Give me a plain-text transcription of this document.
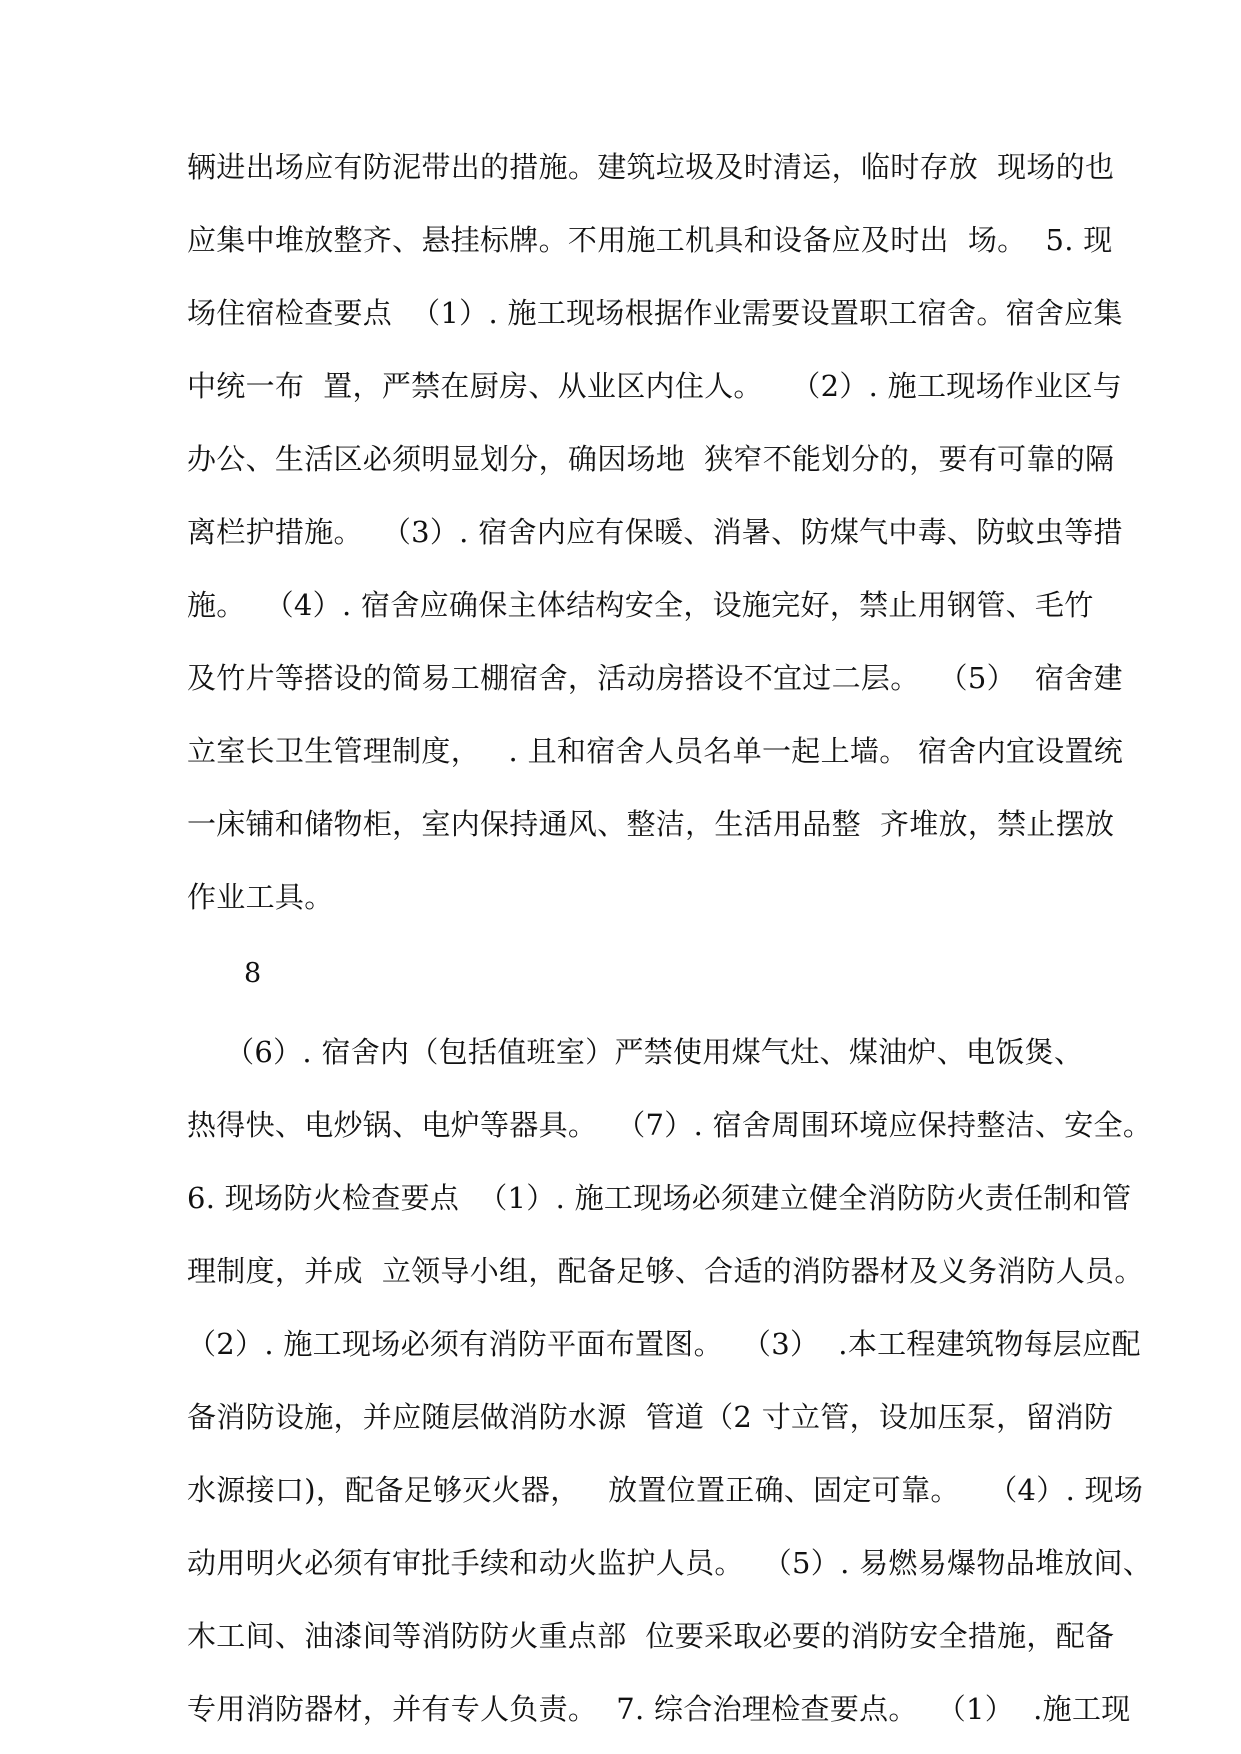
辆进出场应有防泥带出的措施。建筑垃圾及时清运，临时存放  现场的也
应集中堆放整齐、悬挂标牌。不用施工机具和设备应及时出  场。  5. 现
场住宿检查要点  （1）. 施工现场根据作业需要设置职工宿舍。宿舍应集
中统一布  置，严禁在厨房、从业区内住人。   （2）. 施工现场作业区与
办公、生活区必须明显划分，确因场地  狭窄不能划分的，要有可靠的隔
离栏护措施。  （3）. 宿舍内应有保暖、消暑、防煤气中毒、防蚊虫等措
施。  （4）. 宿舍应确保主体结构安全，设施完好，禁止用钢管、毛竹
及竹片等搭设的简易工棚宿舍，活动房搭设不宜过二层。  （5）  宿舍建
立室长卫生管理制度，   . 且和宿舍人员名单一起上墙。 宿舍内宜设置统
一床铺和储物柜，室内保持通风、整洁，生活用品整  齐堆放，禁止摆放
作业工具。
8
（6）. 宿舍内（包括值班室）严禁使用煤气灶、煤油炉、电饭煲、
热得快、电炒锅、电炉等器具。  （7）. 宿舍周围环境应保持整洁、安全。
6. 现场防火检查要点  （1）. 施工现场必须建立健全消防防火责任制和管
理制度，并成  立领导小组，配备足够、合适的消防器材及义务消防人员。
（2）. 施工现场必须有消防平面布置图。  （3）  .本工程建筑物每层应配
备消防设施，并应随层做消防水源  管道（2 寸立管，设加压泵，留消防
水源接口)，配备足够灭火器，   放置位置正确、固定可靠。   （4）. 现场
动用明火必须有审批手续和动火监护人员。  （5）. 易燃易爆物品堆放间、
木工间、油漆间等消防防火重点部  位要采取必要的消防安全措施，配备
专用消防器材，并有专人负责。  7. 综合治理检查要点。  （1）  .施工现
